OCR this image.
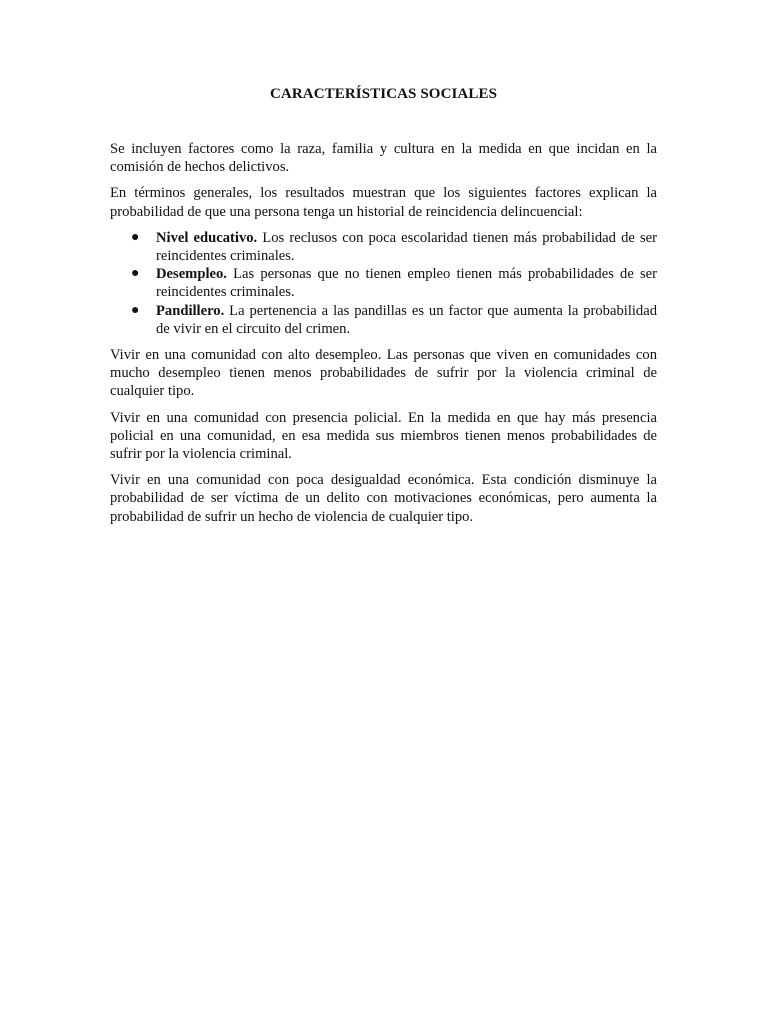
CARACTERÍSTICAS SOCIALES

Se incluyen factores como la raza, familia y cultura en la medida en que incidan en la comisión de hechos delictivos.

En términos generales, los resultados muestran que los siguientes factores explican la probabilidad de que una persona tenga un historial de reincidencia delincuencial:

● Nivel educativo. Los reclusos con poca escolaridad tienen más probabilidad de ser reincidentes criminales.
● Desempleo. Las personas que no tienen empleo tienen más probabilidades de ser reincidentes criminales.
● Pandillero. La pertenencia a las pandillas es un factor que aumenta la probabilidad de vivir en el circuito del crimen.

Vivir en una comunidad con alto desempleo. Las personas que viven en comunidades con mucho desempleo tienen menos probabilidades de sufrir por la violencia criminal de cualquier tipo.

Vivir en una comunidad con presencia policial. En la medida en que hay más presencia policial en una comunidad, en esa medida sus miembros tienen menos probabilidades de sufrir por la violencia criminal.

Vivir en una comunidad con poca desigualdad económica. Esta condición disminuye la probabilidad de ser víctima de un delito con motivaciones económicas, pero aumenta la probabilidad de sufrir un hecho de violencia de cualquier tipo.
